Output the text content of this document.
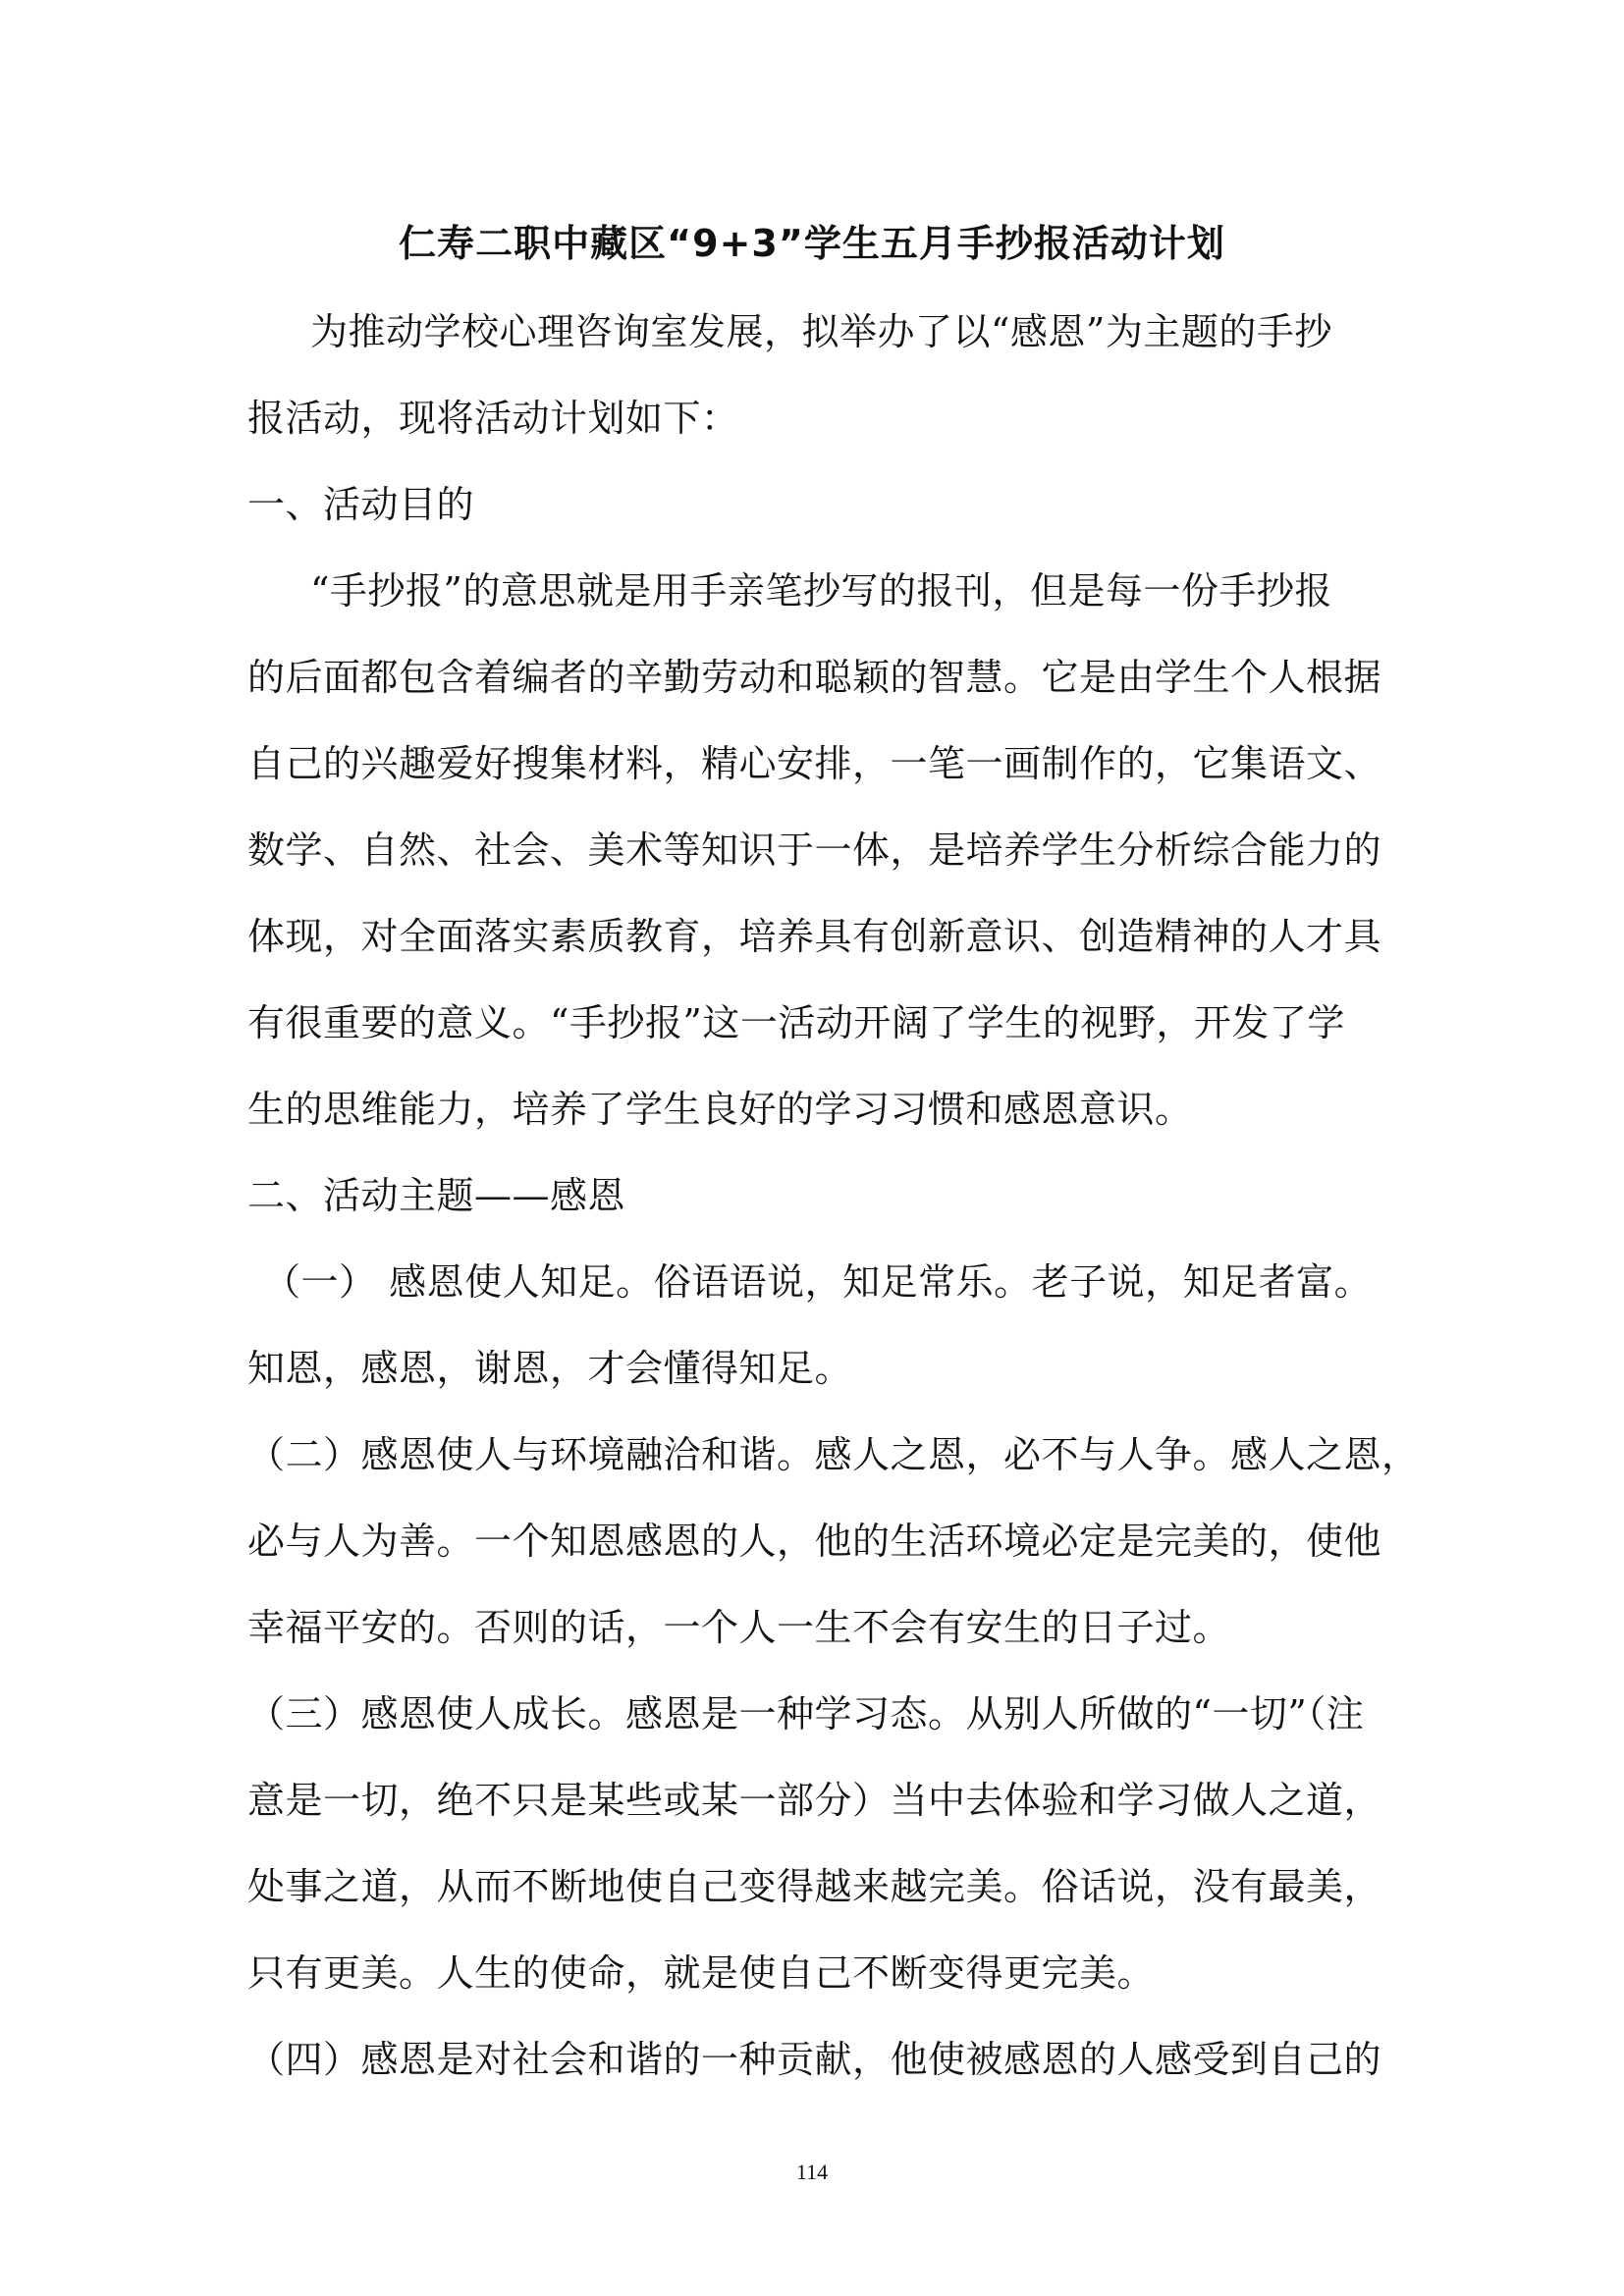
仁寿二职中藏区“9+3”学生五月手抄报活动计划
为推动学校心理咨询室发展，拟举办了以“感恩”为主题的手抄
报活动，现将活动计划如下：
一、活动目的
“手抄报”的意思就是用手亲笔抄写的报刊，但是每一份手抄报
的后面都包含着编者的辛勤劳动和聪颖的智慧。它是由学生个人根据
自己的兴趣爱好搜集材料，精心安排，一笔一画制作的，它集语文、
数学、自然、社会、美术等知识于一体，是培养学生分析综合能力的
体现，对全面落实素质教育，培养具有创新意识、创造精神的人才具
有很重要的意义。“手抄报”这一活动开阔了学生的视野，开发了学
生的思维能力，培养了学生良好的学习习惯和感恩意识。
二、活动主题——感恩
（一） 感恩使人知足。俗语语说，知足常乐。老子说，知足者富。
知恩，感恩，谢恩，才会懂得知足。
（二）感恩使人与环境融洽和谐。感人之恩，必不与人争。感人之恩，
必与人为善。一个知恩感恩的人，他的生活环境必定是完美的，使他
幸福平安的。否则的话，一个人一生不会有安生的日子过。
（三）感恩使人成长。感恩是一种学习态。从别人所做的“一切”（注
意是一切，绝不只是某些或某一部分）当中去体验和学习做人之道，
处事之道，从而不断地使自己变得越来越完美。俗话说，没有最美，
只有更美。人生的使命，就是使自己不断变得更完美。
（四）感恩是对社会和谐的一种贡献，他使被感恩的人感受到自己的
114
